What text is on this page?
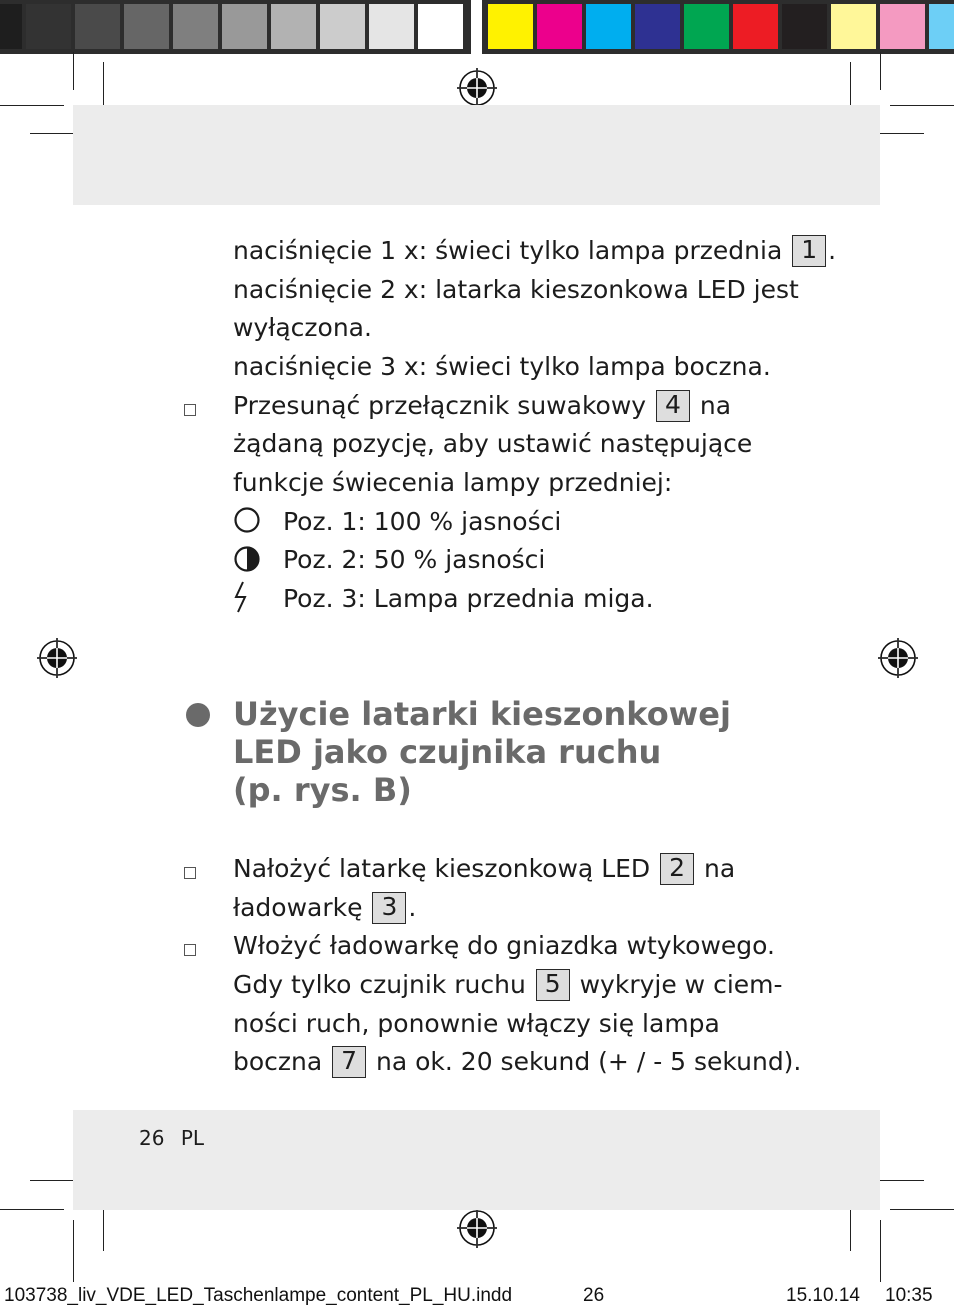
naciśnięcie 1 x: świeci tylko lampa przednia 1 .
naciśnięcie 2 x: latarka kieszonkowa LED jest
wyłączona.
naciśnięcie 3 x: świeci tylko lampa boczna.
Przesunąć przełącznik suwakowy 4 na
żądaną pozycję, aby ustawić następujące
funkcje świecenia lampy przedniej:
Poz. 1: 100 % jasności
Poz. 2: 50 % jasności
Poz. 3: Lampa przednia miga.
Użycie latarki kieszonkowej
LED jako czujnika ruchu
(p. rys. B)
Nałożyć latarkę kieszonkową LED 2 na
ładowarkę 3 .
Włożyć ładowarkę do gniazdka wtykowego.
Gdy tylko czujnik ruchu 5 wykryje w ciem-
ności ruch, ponownie włączy się lampa
boczna 7 na ok. 20 sekund (+ / - 5 sekund).
26 PL
103738_liv_VDE_LED_Taschenlampe_content_PL_HU.indd	26	15.10.14 10:35
